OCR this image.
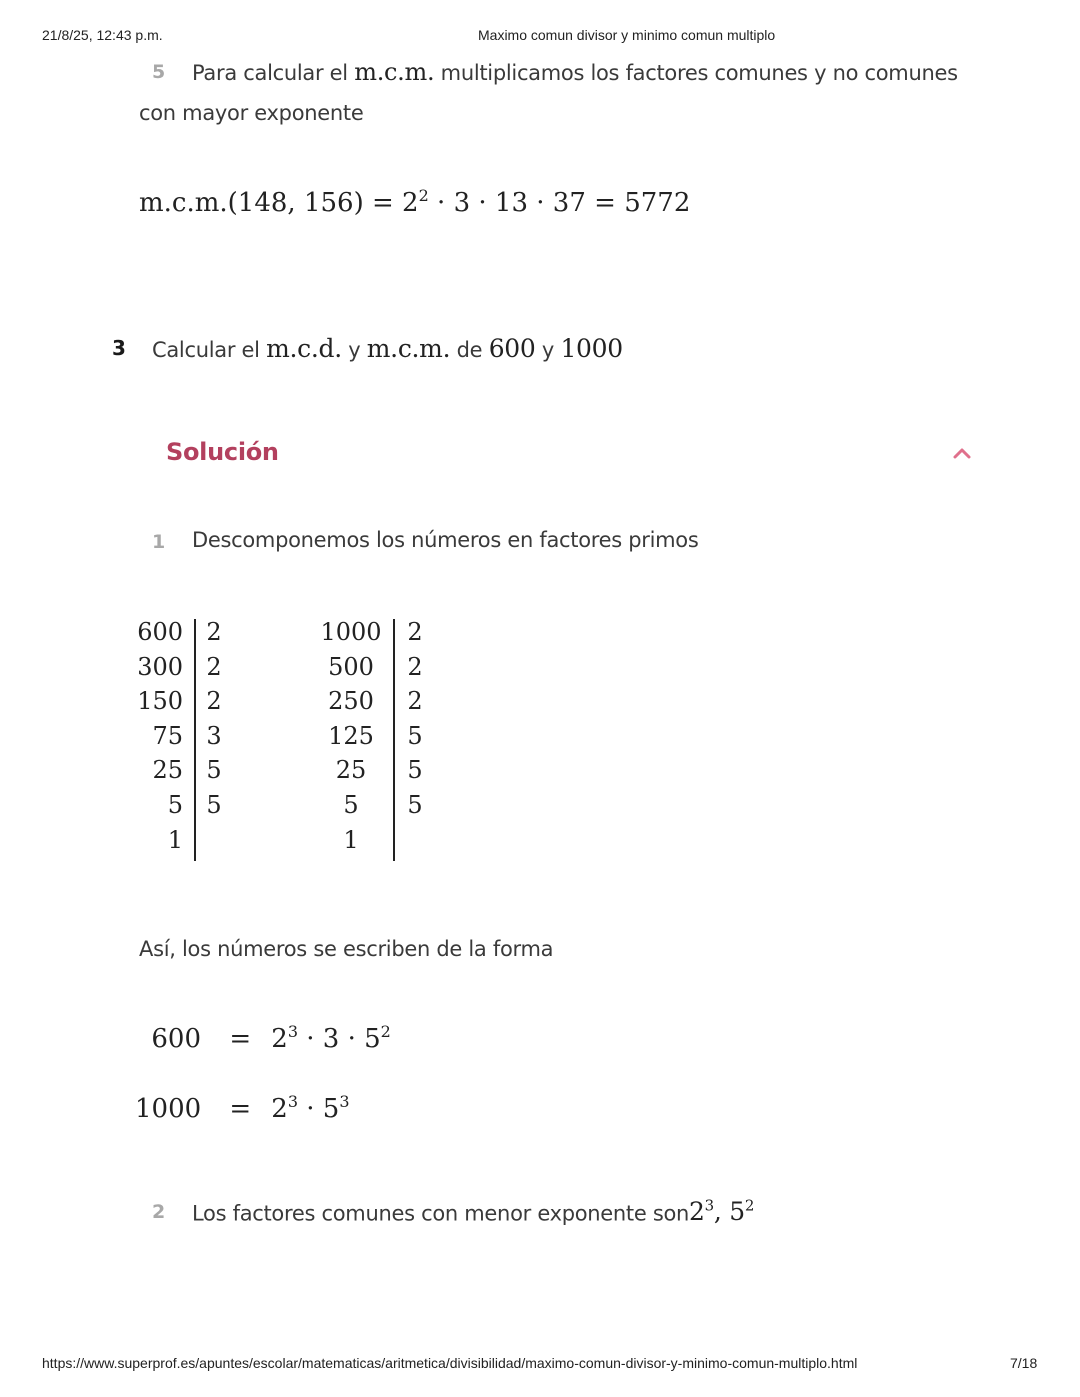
21/8/25, 12:43 p.m.	Maximo comun divisor y minimo comun multiplo
5 Para calcular el m.c.m. multiplicamos los factores comunes y no comunes
con mayor exponente
m.c.m.(148, $156) = 2^2 \cdot 3 \cdot 13 \cdot 37 = 5772$
3 Calcular el m.c.d. y m.c.m. de 600 y 1000
Solución
1 Descomponemos los números en factores primos
600
300
150
75
25
5
1
2
2
2
3
5
5
1000
500
250
125
25
5
1
2
2
2
5
5
5
Así, los números se escriben de la forma
$600 = 2^3 \cdot 3 \cdot 5^2$
$1000 = 2^3 \cdot 5^3$
2 Los factores comunes con menor exponente $son2^3$, $5^2$
https://www.superprof.es/apuntes/escolar/matematicas/aritmetica/divisibilidad/maximo-comun-divisor-y-minimo-comun-multiplo.html	7/18
